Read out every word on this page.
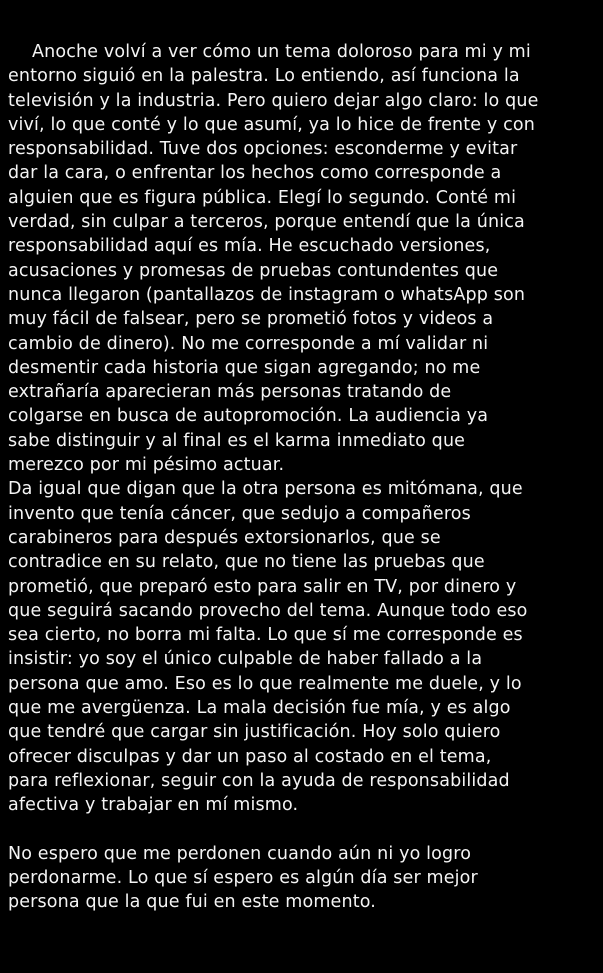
Anoche volví a ver cómo un tema doloroso para mi y mi
entorno siguió en la palestra. Lo entiendo, así funciona la
televisión y la industria. Pero quiero dejar algo claro: lo que
viví, lo que conté y lo que asumí, ya lo hice de frente y con
responsabilidad. Tuve dos opciones: esconderme y evitar
dar la cara, o enfrentar los hechos como corresponde a
alguien que es figura pública. Elegí lo segundo. Conté mi
verdad, sin culpar a terceros, porque entendí que la única
responsabilidad aquí es mía. He escuchado versiones,
acusaciones y promesas de pruebas contundentes que
nunca llegaron (pantallazos de instagram o whatsApp son
muy fácil de falsear, pero se prometió fotos y videos a
cambio de dinero). No me corresponde a mí validar ni
desmentir cada historia que sigan agregando; no me
extrañaría aparecieran más personas tratando de
colgarse en busca de autopromoción. La audiencia ya
sabe distinguir y al final es el karma inmediato que
merezco por mi pésimo actuar.
Da igual que digan que la otra persona es mitómana, que
invento que tenía cáncer, que sedujo a compañeros
carabineros para después extorsionarlos, que se
contradice en su relato, que no tiene las pruebas que
prometió, que preparó esto para salir en TV, por dinero y
que seguirá sacando provecho del tema. Aunque todo eso
sea cierto, no borra mi falta. Lo que sí me corresponde es
insistir: yo soy el único culpable de haber fallado a la
persona que amo. Eso es lo que realmente me duele, y lo
que me avergüenza. La mala decisión fue mía, y es algo
que tendré que cargar sin justificación. Hoy solo quiero
ofrecer disculpas y dar un paso al costado en el tema,
para reflexionar, seguir con la ayuda de responsabilidad
afectiva y trabajar en mí mismo.
No espero que me perdonen cuando aún ni yo logro
perdonarme. Lo que sí espero es algún día ser mejor
persona que la que fui en este momento.
